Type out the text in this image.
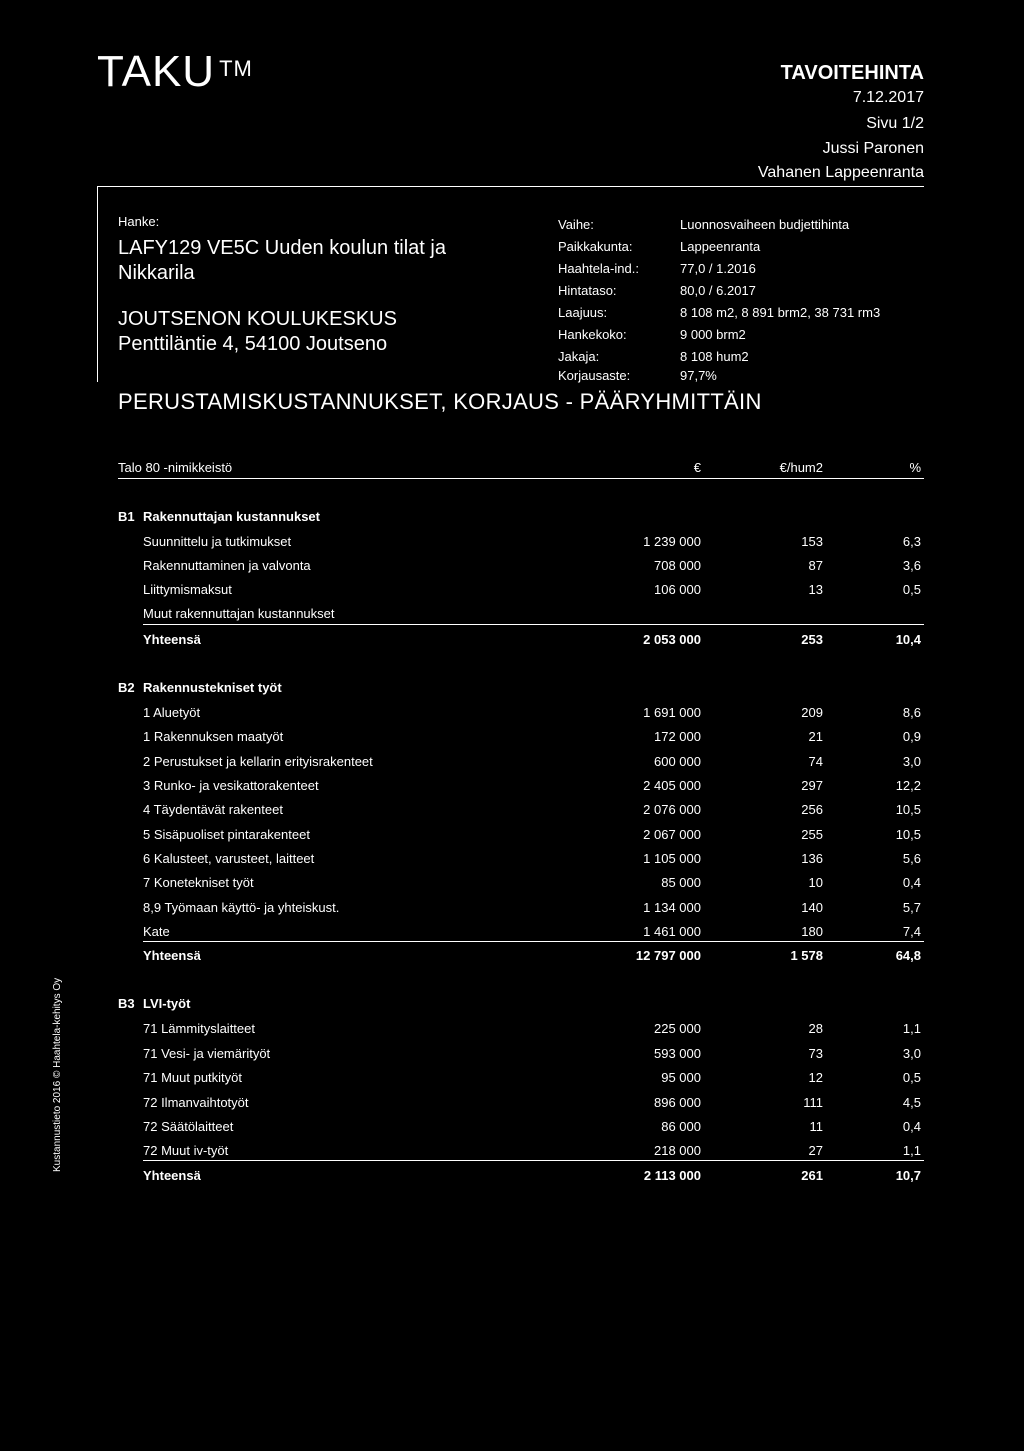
TAKU ™	TAVOITEHINTA
7.12.2017
Sivu 1/2
Jussi Paronen
Vahanen Lappeenranta
Hanke:
LAFY129 VE5C Uuden koulun tilat ja
Nikkarila
JOUTSENON KOULUKESKUS
Penttiläntie 4, 54100 Joutseno
Vaihe:	Luonnosvaiheen budjettihinta
Paikkakunta:	Lappeenranta
Haahtela-ind.:	77,0 / 1.2016
Hintataso:	80,0 / 6.2017
Laajuus:	8 108 m2, 8 891 brm2, 38 731 rm3
Hankekoko:	9 000 brm2
Jakaja:	8 108 hum2
Korjausaste:	97,7%
PERUSTAMISKUSTANNUKSET, KORJAUS - PÄÄRYHMITTÄIN
Talo 80 -nimikkeistö	€	€/hum2	%
B1 Rakennuttajan kustannukset
Suunnittelu ja tutkimukset	1 239 000	153	6,3
Rakennuttaminen ja valvonta	708 000	87	3,6
Liittymismaksut	106 000	13	0,5
Muut rakennuttajan kustannukset
Yhteensä	2 053 000	253	10,4
B2 Rakennustekniset työt
1 Aluetyöt	1 691 000	209	8,6
1 Rakennuksen maatyöt	172 000	21	0,9
2 Perustukset ja kellarin erityisrakenteet	600 000	74	3,0
3 Runko- ja vesikattorakenteet	2 405 000	297	12,2
4 Täydentävät rakenteet	2 076 000	256	10,5
5 Sisäpuoliset pintarakenteet	2 067 000	255	10,5
6 Kalusteet, varusteet, laitteet	1 105 000	136	5,6
7 Konetekniset työt	85 000	10	0,4
8,9 Työmaan käyttö- ja yhteiskust.	1 134 000	140	5,7
Kate	1 461 000	180	7,4
Yhteensä	12 797 000	1 578	64,8
B3 LVI-työt
71 Lämmityslaitteet	225 000	28	1,1
71 Vesi- ja viemärityöt	593 000	73	3,0
71 Muut putkityöt	95 000	12	0,5
72 Ilmanvaihtotyöt	896 000	111	4,5
72 Säätölaitteet	86 000	11	0,4
72 Muut iv-työt	218 000	27	1,1
Yhteensä	2 113 000	261	10,7
Kustannustieto 2016 © Haahtela-kehitys Oy
